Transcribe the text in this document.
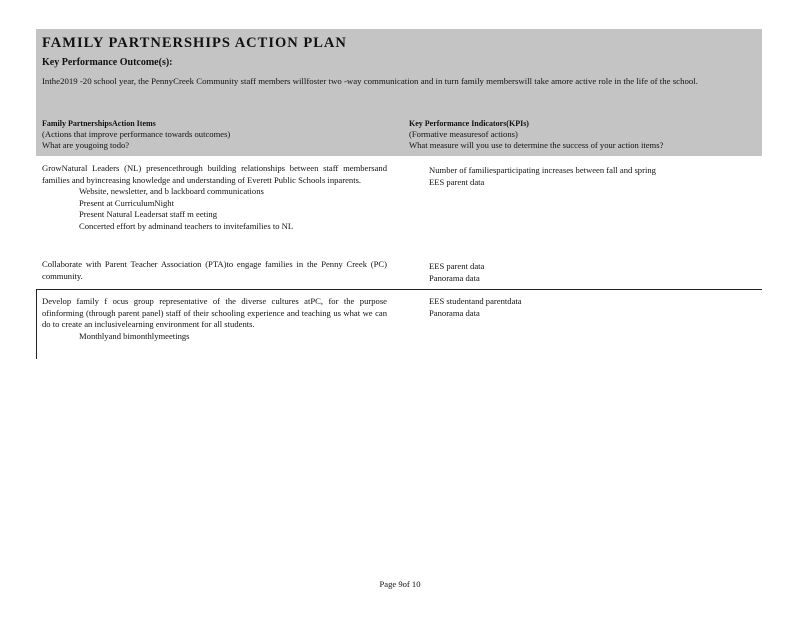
FAMILY PARTNERSHIPS ACTION PLAN
Key Performance Outcome(s):
Inthe2019 -20 school year, the PennyCreek Community staff members willfoster two -way communication and in turn family memberswill take amore active role in the life of the school.
Family PartnershipsAction Items
(Actions that improve performance towards outcomes)
What are yougoing todo?
Key Performance Indicators(KPIs)
(Formative measuresof actions)
What measure will you use to determine the success of your action items?
GrowNatural Leaders (NL) presencethrough building relationships between staff membersand families and byincreasing knowledge and understanding of Everett Public Schools inparents.
Website, newsletter, and b lackboard communications
Present at CurriculumNight
Present Natural Leadersat staff m eeting
Concerted effort by adminand teachers to invitefamilies to NL
Number of familiesparticipating increases between fall and spring
EES parent data
Collaborate with Parent Teacher Association (PTA)to engage families in the Penny Creek (PC) community.
EES parent data
Panorama data
Develop family f ocus group representative of the diverse cultures atPC, for the purpose ofinforming (through parent panel) staff of their schooling experience and teaching us what we can do to create an inclusivelearning environment for all students.
Monthlyand bimonthlymeetings
EES studentand parentdata
Panorama data
Page 9of 10
